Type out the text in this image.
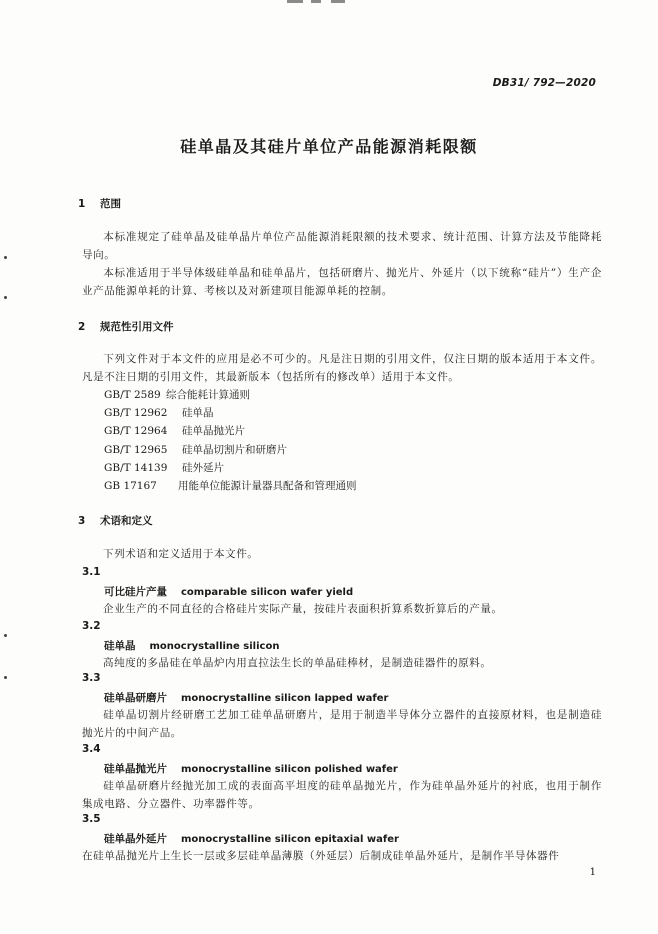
DB31/ 792—2020
硅单晶及其硅片单位产品能源消耗限额
1 范围
本标准规定了硅单晶及硅单晶片单位产品能源消耗限额的技术要求、统计范围、计算方法及节能降耗导向。
本标准适用于半导体级硅单晶和硅单晶片，包括研磨片、抛光片、外延片（以下统称“硅片”）生产企业产品能源单耗的计算、考核以及对新建项目能源单耗的控制。
2 规范性引用文件
下列文件对于本文件的应用是必不可少的。凡是注日期的引用文件，仅注日期的版本适用于本文件。凡是不注日期的引用文件，其最新版本（包括所有的修改单）适用于本文件。
GB/T 2589 综合能耗计算通则
GB/T 12962 硅单晶
GB/T 12964 硅单晶抛光片
GB/T 12965 硅单晶切割片和研磨片
GB/T 14139 硅外延片
GB 17167 用能单位能源计量器具配备和管理通则
3 术语和定义
下列术语和定义适用于本文件。
3.1
可比硅片产量 comparable silicon wafer yield
企业生产的不同直径的合格硅片实际产量，按硅片表面积折算系数折算后的产量。
3.2
硅单晶 monocrystalline silicon
高纯度的多晶硅在单晶炉内用直拉法生长的单晶硅棒材，是制造硅器件的原料。
3.3
硅单晶研磨片 monocrystalline silicon lapped wafer
硅单晶切割片经研磨工艺加工硅单晶研磨片，是用于制造半导体分立器件的直接原材料，也是制造硅抛光片的中间产品。
3.4
硅单晶抛光片 monocrystalline silicon polished wafer
硅单晶研磨片经抛光加工成的表面高平坦度的硅单晶抛光片，作为硅单晶外延片的衬底，也用于制作集成电路、分立器件、功率器件等。
3.5
硅单晶外延片 monocrystalline silicon epitaxial wafer
在硅单晶抛光片上生长一层或多层硅单晶薄膜（外延层）后制成硅单晶外延片，是制作半导体器件
1
